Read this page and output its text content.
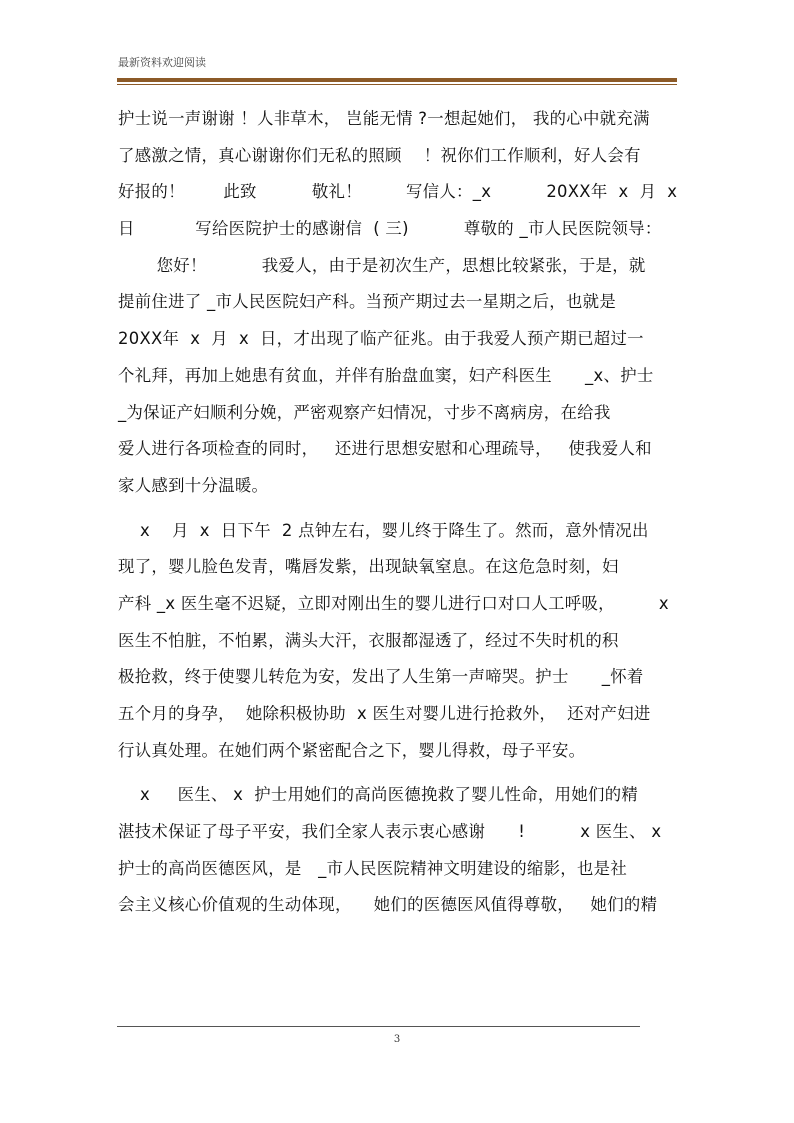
最新资料欢迎阅读
护士说一声谢谢 ！人非草木， 岂能无情 ?一想起她们， 我的心中就充满
了感激之情，真心谢谢你们无私的照顾    ！祝你们工作顺利，好人会有
好报的！       此致          敬礼！        写信人：_x          20XX年  x  月  x
日           写给医院护士的感谢信  ( 三)          尊敬的 _市人民医院领导：
您好！          我爱人，由于是初次生产，思想比较紧张，于是，就
提前住进了 _市人民医院妇产科。当预产期过去一星期之后，也就是
20XX年  x  月  x  日，才出现了临产征兆。由于我爱人预产期已超过一
个礼拜，再加上她患有贫血，并伴有胎盘血窦，妇产科医生      _x、护士
_为保证产妇顺利分娩，严密观察产妇情况，寸步不离病房，在给我
爱人进行各项检查的同时，   还进行思想安慰和心理疏导，   使我爱人和
家人感到十分温暖。
x    月  x  日下午  2 点钟左右，婴儿终于降生了。然而，意外情况出
现了，婴儿脸色发青，嘴唇发紫，出现缺氧窒息。在这危急时刻，妇
产科 _x 医生毫不迟疑，立即对刚出生的婴儿进行口对口人工呼吸，        x
医生不怕脏，不怕累，满头大汗，衣服都湿透了，经过不失时机的积
极抢救，终于使婴儿转危为安，发出了人生第一声啼哭。护士      _怀着
五个月的身孕，  她除积极协助  x 医生对婴儿进行抢救外，  还对产妇进
行认真处理。在她们两个紧密配合之下，婴儿得救，母子平安。
x     医生、 x  护士用她们的高尚医德挽救了婴儿性命，用她们的精
湛技术保证了母子平安，我们全家人表示衷心感谢      !          x 医生、 x
护士的高尚医德医风，是   _市人民医院精神文明建设的缩影，也是社
会主义核心价值观的生动体现，    她们的医德医风值得尊敬，   她们的精
3
